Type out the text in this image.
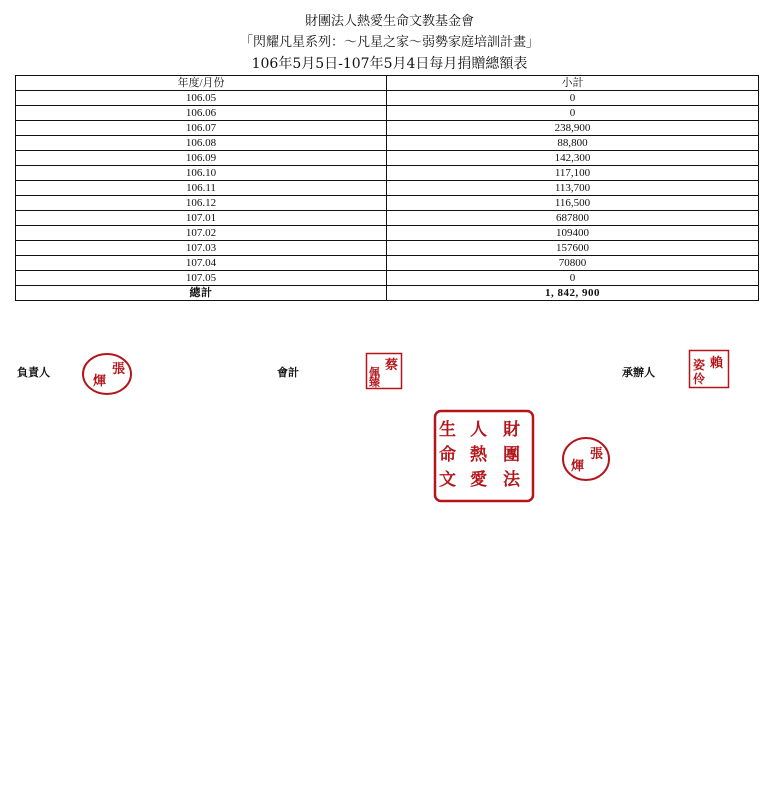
財團法人熱愛生命文教基金會
「閃耀凡星系列：～凡星之家～弱勢家庭培訓計畫」
106年5月5日-107年5月4日每月捐贈總額表
年度/月份	小計
106.05	0
106.06	0
106.07	238,900
106.08	88,800
106.09	142,300
106.10	117,100
106.11	113,700
106.12	116,500
107.01	687800
107.02	109400
107.03	157600
107.04	70800
107.05	0
總計	1, 842, 900
負責人	會計	承辦人
張
煇
蔡
佩
臻
賴
姿
伶
財
團
法
人
熱
愛
生
命
文
張
煇
